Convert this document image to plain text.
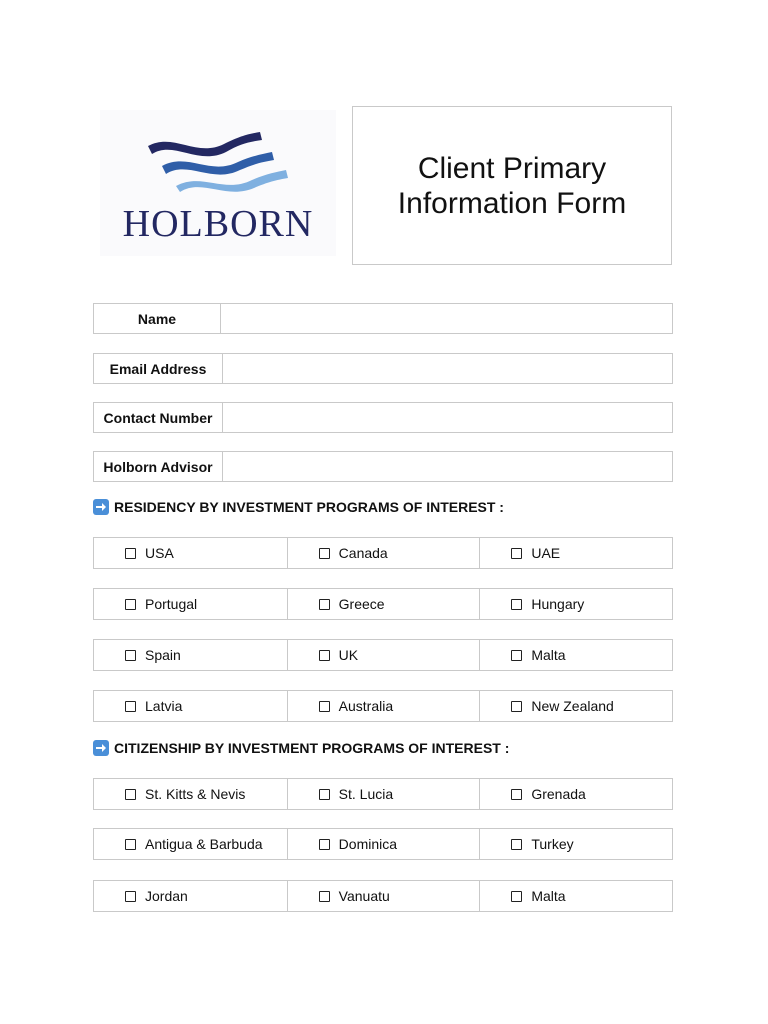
HOLBORN
Client Primary
Information Form
Name
Email Address
Contact Number
Holborn Advisor
RESIDENCY BY INVESTMENT PROGRAMS OF INTEREST :
USA	Canada	UAE
Portugal	Greece	Hungary
Spain	UK	Malta
Latvia	Australia	New Zealand
CITIZENSHIP BY INVESTMENT PROGRAMS OF INTEREST :
St. Kitts & Nevis	St. Lucia	Grenada
Antigua & Barbuda	Dominica	Turkey
Jordan	Vanuatu	Malta
